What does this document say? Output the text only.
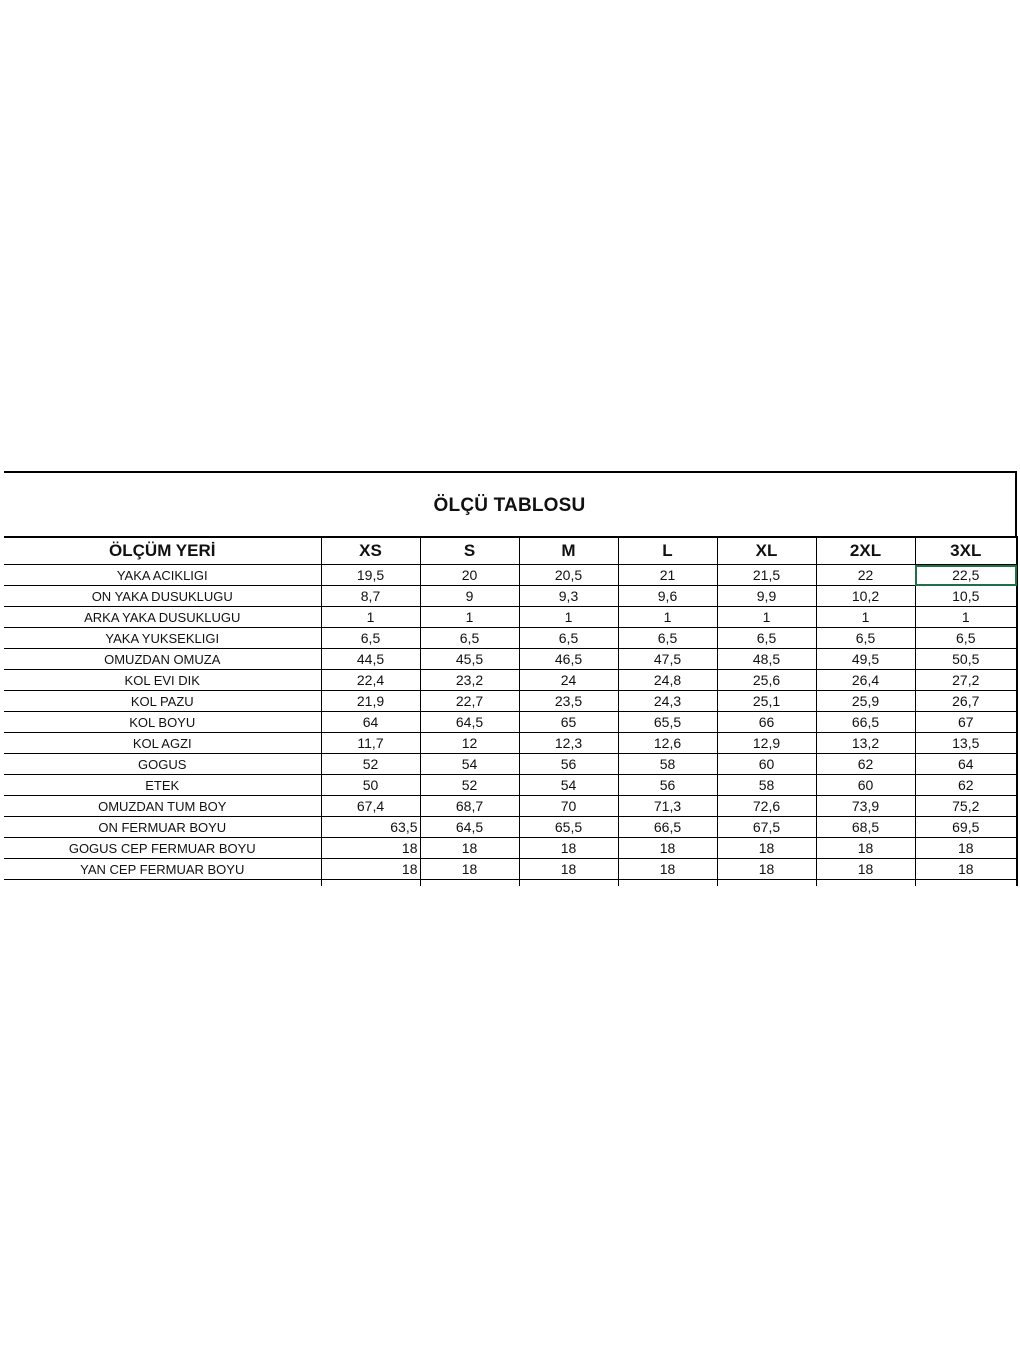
ÖLÇÜ TABLOSU
ÖLÇÜM YERİ	XS	S	M	L	XL	2XL	3XL
YAKA ACIKLIGI	19,5	20	20,5	21	21,5	22	22,5
ON YAKA DUSUKLUGU	8,7	9	9,3	9,6	9,9	10,2	10,5
ARKA YAKA DUSUKLUGU	1	1	1	1	1	1	1
YAKA YUKSEKLIGI	6,5	6,5	6,5	6,5	6,5	6,5	6,5
OMUZDAN OMUZA	44,5	45,5	46,5	47,5	48,5	49,5	50,5
KOL EVI DIK	22,4	23,2	24	24,8	25,6	26,4	27,2
KOL PAZU	21,9	22,7	23,5	24,3	25,1	25,9	26,7
KOL BOYU	64	64,5	65	65,5	66	66,5	67
KOL AGZI	11,7	12	12,3	12,6	12,9	13,2	13,5
GOGUS	52	54	56	58	60	62	64
ETEK	50	52	54	56	58	60	62
OMUZDAN TUM BOY	67,4	68,7	70	71,3	72,6	73,9	75,2
ON FERMUAR BOYU	63,5	64,5	65,5	66,5	67,5	68,5	69,5
GOGUS CEP FERMUAR BOYU	18	18	18	18	18	18	18
YAN CEP FERMUAR BOYU	18	18	18	18	18	18	18
